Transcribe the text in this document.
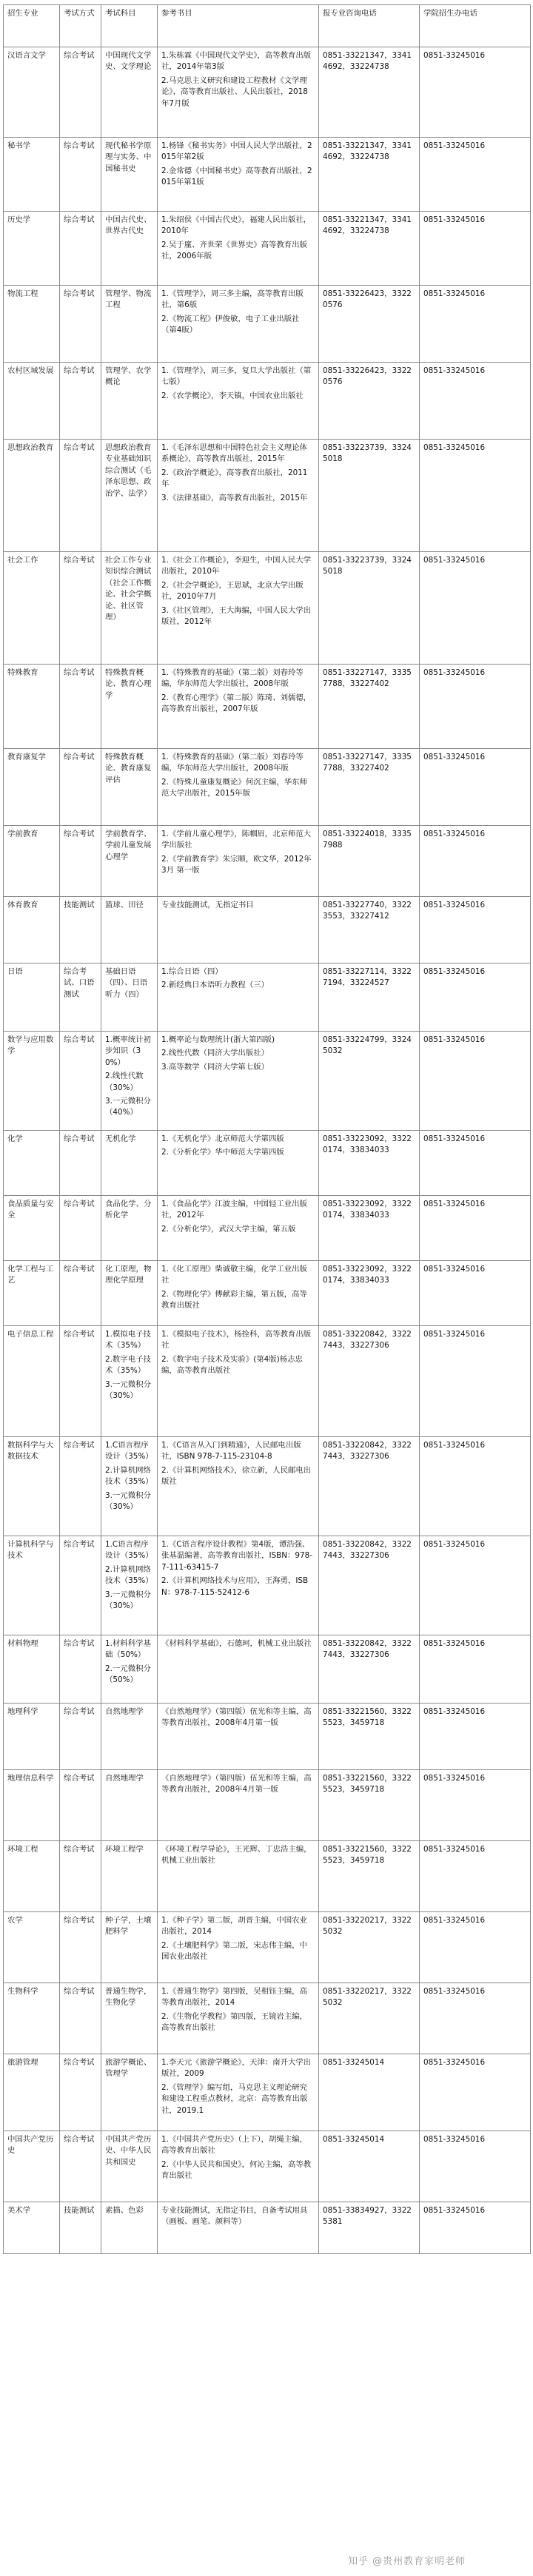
招生专业	考试方式	考试科目	参考书目	报专业咨询电话	学院招生办电话
汉语言文学	综合考试	中国现代文学史、文学理论	1.朱栋霖《中国现代文学史》，高等教育出版社，2014年第3版
2.马克思主义研究和建设工程教材《文学理论》，高等教育出版社、人民出版社，2018年7月版	0851-33221347，33414692，33224738	0851-33245016

秘书学	综合考试	现代秘书学原理与实务、中国秘书史	1.杨锋《秘书实务》中国人民大学出版社，2015年第2版
2.金常德《中国秘书史》高等教育出版社，2015年第1版	0851-33221347，33414692，33224738	0851-33245016

历史学	综合考试	中国古代史、世界古代史	1.朱绍侯《中国古代史》，福建人民出版社，2010年
2.吴于廑、齐世荣《世界史》高等教育出版社，2006年版	0851-33221347，33414692，33224738	0851-33245016

物流工程	综合考试	管理学、物流工程	1.《管理学》，周三多主编，高等教育出版社，第6版
2.《物流工程》伊俊敏，电子工业出版社（第4版）	0851-33226423，33220576	0851-33245016

农村区域发展	综合考试	管理学、农学概论	1.《管理学》，周三多，复旦大学出版社（第七版）
2.《农学概论》，李天镇，中国农业出版社	0851-33226423，33220576	0851-33245016

思想政治教育	综合考试	思想政治教育专业基础知识综合测试（毛泽东思想、政治学、法学）	1.《毛泽东思想和中国特色社会主义理论体系概论》，高等教育出版社，2015年
2.《政治学概论》，高等教育出版社，2011年
3.《法律基础》，高等教育出版社，2015年	0851-33223739，33245018	0851-33245016

社会工作	综合考试	社会工作专业知识综合测试（社会工作概论、社会学概论、社区管理）	1.《社会工作概论》，李迎生，中国人民大学出版社，2010年
2.《社会学概论》，王思斌，北京大学出版社，2010年7月
3.《社区管理》，王大海编，中国人民大学出版社，2012年	0851-33223739，33245018	0851-33245016

特殊教育	综合考试	特殊教育概论、教育心理学	1.《特殊教育的基础》（第二版）刘春玲等编，华东师范大学出版社，2008年版
2.《教育心理学》（第二版）陈琦、刘儒德，高等教育出版社，2007年版	0851-33227147，33357788，33227402	0851-33245016

教育康复学	综合考试	特殊教育概论、教育康复评估	1.《特殊教育的基础》（第二版）刘春玲等编，华东师范大学出版社，2008年版
2.《特殊儿童康复概论》何沉主编，华东师范大学出版社，2015年版	0851-33227147，33357788，33227402	0851-33245016

学前教育	综合考试	学前教育学、学前儿童发展心理学	1.《学前儿童心理学》，陈帼眉，北京师范大学出版社
2.《学前教育学》朱宗顺，欧文华，2012年3月 第一版	0851-33224018，33357988	0851-33245016

体育教育	技能测试	篮球、田径	专业技能测试，无指定书目	0851-33227740，33223553，33227412	0851-33245016

日语	综合考试、口语测试	基础日语（四）、日语听力（四）	1.综合日语（四）
2.新经典日本语听力教程（三）	0851-33227114，33227194，33224527	0851-33245016

数学与应用数学	综合考试	1.概率统计初步知识（30%）
2.线性代数（30%）
3.一元微积分（40%）	1.概率论与数理统计(浙大第四版)
2.线性代数（同济大学出版社）
3.高等数学（同济大学第七版）	0851-33224799，33245032	0851-33245016

化学	综合考试	无机化学	1.《无机化学》北京师范大学第四版
2.《分析化学》华中师范大学第四版	0851-33223092，33220174，33834033	0851-33245016

食品质量与安全	综合考试	食品化学、分析化学	1.《食品化学》江波主编，中国轻工业出版社，2012年
2.《分析化学》，武汉大学主编，第五版	0851-33223092，33220174，33834033	0851-33245016

化学工程与工艺	综合考试	化工原理，物理化学原理	1.《化工原理》柴诚敬主编，化学工业出版社
2.《物理化学》傅献彩主编，第五版，高等教育出版社	0851-33223092，33220174，33834033	0851-33245016

电子信息工程	综合考试	1.模拟电子技术（35%）
2.数字电子技术（35%）
3.一元微积分（30%）	1.《模拟电子技术》，杨拴科，高等教育出版社
2.《数字电子技术及实验》(第4版)杨志忠编，高等教育出版社	0851-33220842，33227443，33227306	0851-33245016

数据科学与大数据技术	综合考试	1.C语言程序设计（35%）
2.计算机网络技术（35%）
3.一元微积分（30%）	1.《C语言从入门到精通》，人民邮电出版社，ISBN 978-7-115-23104-8
2.《计算机网络技术》，徐立新，人民邮电出版社	0851-33220842，33227443，33227306	0851-33245016

计算机科学与技术	综合考试	1.C语言程序设计（35%）
2.计算机网络技术（35%）
3.一元微积分（30%）	1.《C语言程序设计教程》第4版，谭浩强、张基温编著，高等教育出版社，ISBN：978-7-111-63415-7
2.《计算机网络技术与应用》，王海勇，ISBN：978-7-115-52412-6	0851-33220842，33227443，33227306	0851-33245016

材料物理	综合考试	1.材料科学基础（50%）
2.一元微积分（50%）	《材料科学基础》，石德珂，机械工业出版社	0851-33220842，33227443，33227306	0851-33245016

地理科学	综合考试	自然地理学	《自然地理学》（第四版）伍光和等主编，高等教育出版社，2008年4月第一版	0851-33221560，33225523，3459718	0851-33245016

地理信息科学	综合考试	自然地理学	《自然地理学》（第四版）伍光和等主编，高等教育出版社，2008年4月第一版	0851-33221560，33225523，3459718	0851-33245016

环境工程	综合考试	环境工程学	《环境工程学导论》，王光辉、丁忠浩主编，机械工业出版社	0851-33221560，33225523，3459718	0851-33245016

农学	综合考试	种子学，土壤肥料学	1.《种子学》第二版，胡晋主编，中国农业出版社，2014
2.《土壤肥料学》第二版，宋志伟主编，中国农业出版社	0851-33220217，33225032	0851-33245016

生物科学	综合考试	普通生物学，生物化学	1.《普通生物学》第四版，吴相钰主编，高等教育出版社，2014
2.《生物化学教程》第四版，王镜岩主编，高等教育出版社	0851-33220217，33225032	0851-33245016

旅游管理	综合考试	旅游学概论、管理学	1.李天元《旅游学概论》，天津：南开大学出版社，2009
2.《管理学》编写组，马克思主义理论研究和建设工程重点教材，北京：高等教育出版社，2019.1	0851-33245014	0851-33245016

中国共产党历史	综合考试	中国共产党历史、中华人民共和国史	1.《中国共产党历史》（上下），胡绳主编，高等教育出版社
2.《中华人民共和国史》，何沁主编，高等教育出版社	0851-33245014	0851-33245016

美术学	技能测试	素描、色彩	专业技能测试，无指定书目，自备考试用具（画板、画笔、颜料等）	0851-33834927，33225381	0851-33245016
知乎 @贵州教育家明老师
